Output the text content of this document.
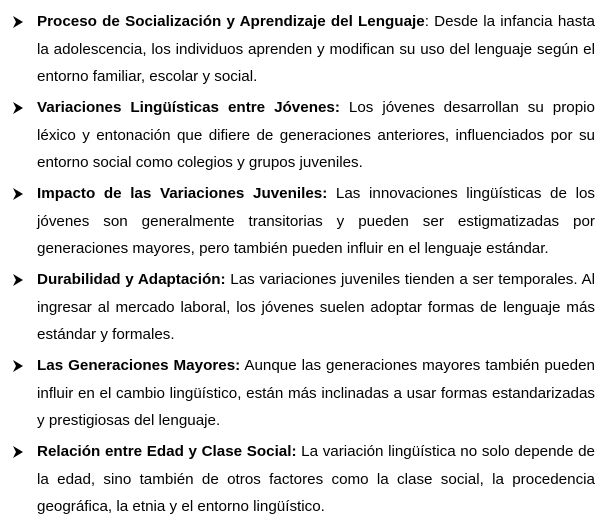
Proceso de Socialización y Aprendizaje del Lenguaje: Desde la infancia hasta la adolescencia, los individuos aprenden y modifican su uso del lenguaje según el entorno familiar, escolar y social.
Variaciones Lingüísticas entre Jóvenes: Los jóvenes desarrollan su propio léxico y entonación que difiere de generaciones anteriores, influenciados por su entorno social como colegios y grupos juveniles.
Impacto de las Variaciones Juveniles: Las innovaciones lingüísticas de los jóvenes son generalmente transitorias y pueden ser estigmatizadas por generaciones mayores, pero también pueden influir en el lenguaje estándar.
Durabilidad y Adaptación: Las variaciones juveniles tienden a ser temporales. Al ingresar al mercado laboral, los jóvenes suelen adoptar formas de lenguaje más estándar y formales.
Las Generaciones Mayores: Aunque las generaciones mayores también pueden influir en el cambio lingüístico, están más inclinadas a usar formas estandarizadas y prestigiosas del lenguaje.
Relación entre Edad y Clase Social: La variación lingüística no solo depende de la edad, sino también de otros factores como la clase social, la procedencia geográfica, la etnia y el entorno lingüístico.
